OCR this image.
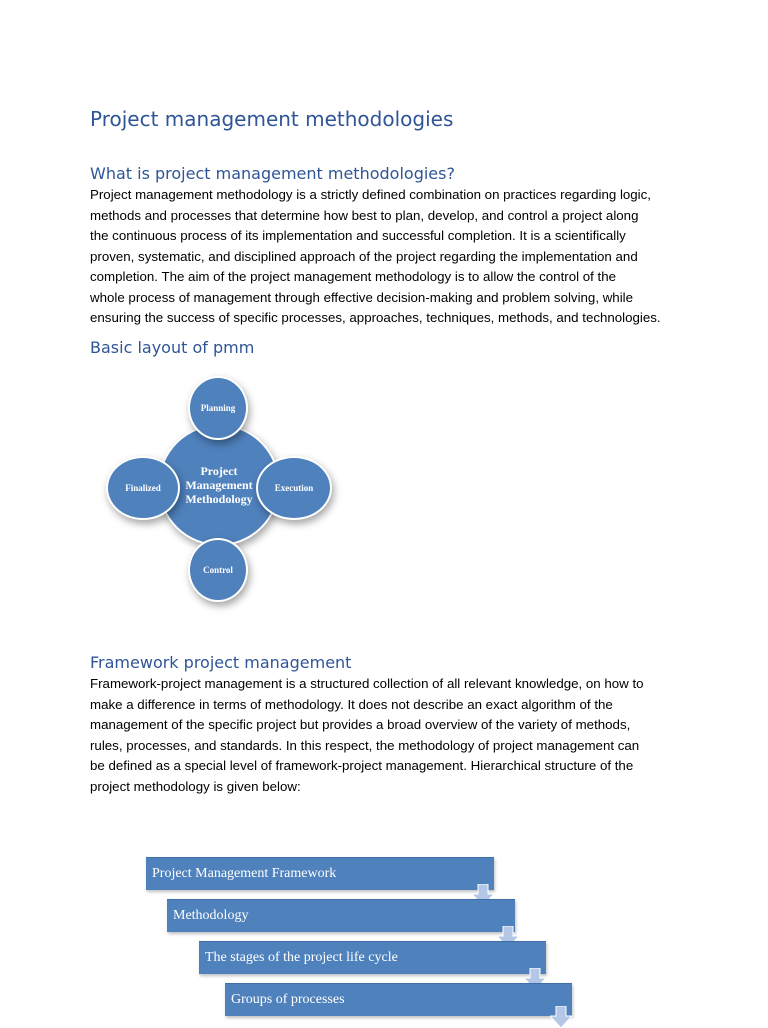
Project management methodologies
What is project management methodologies?
Project management methodology is a strictly defined combination on practices regarding logic,
methods and processes that determine how best to plan, develop, and control a project along
the continuous process of its implementation and successful completion. It is a scientifically
proven, systematic, and disciplined approach of the project regarding the implementation and
completion. The aim of the project management methodology is to allow the control of the
whole process of management through effective decision-making and problem solving, while
ensuring the success of specific processes, approaches, techniques, methods, and technologies.
Basic layout of pmm
Project
Management
Methodology
Planning
Execution
Control
Finalized
Framework project management
Framework-project management is a structured collection of all relevant knowledge, on how to
make a difference in terms of methodology. It does not describe an exact algorithm of the
management of the specific project but provides a broad overview of the variety of methods,
rules, processes, and standards. In this respect, the methodology of project management can
be defined as a special level of framework-project management. Hierarchical structure of the
project methodology is given below:
Project Management Framework
Methodology
The stages of the project life cycle
Groups of processes
